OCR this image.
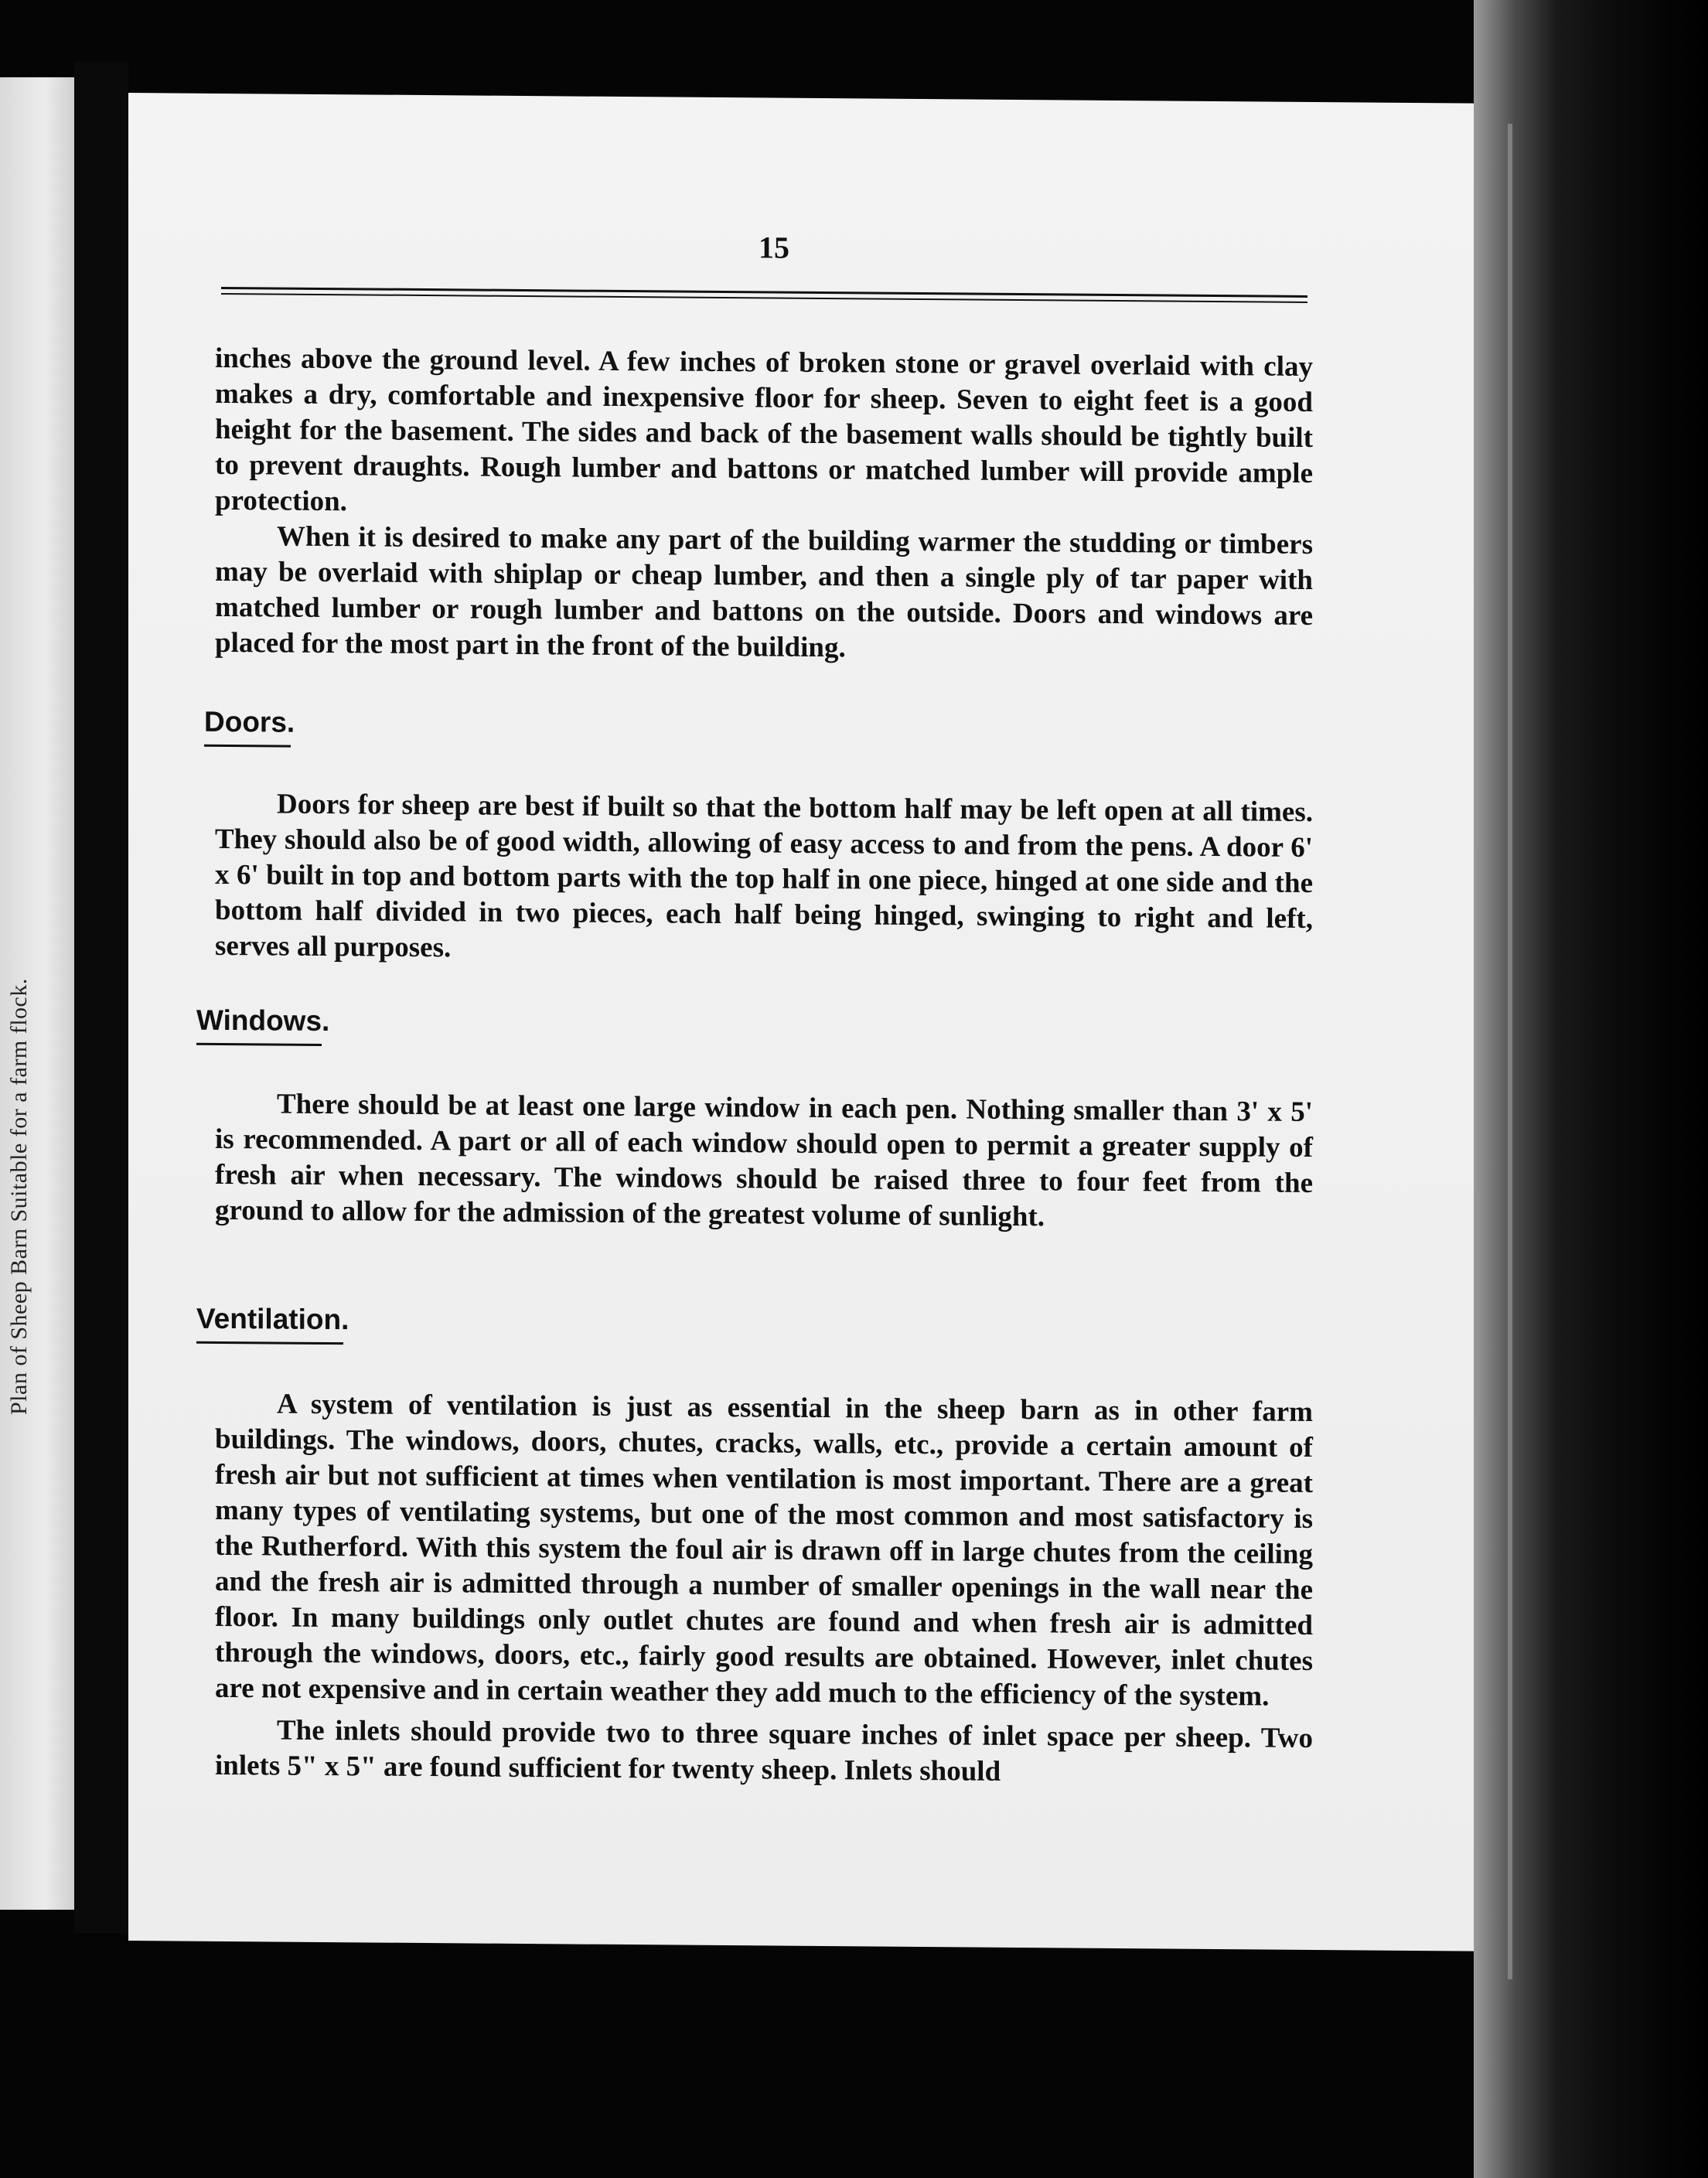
Plan of Sheep Barn Suitable for a farm flock.
15

inches above the ground level. A few inches of broken stone or gravel overlaid with clay makes a dry, comfortable and inexpensive floor for sheep. Seven to eight feet is a good height for the basement. The sides and back of the basement walls should be tightly built to prevent draughts. Rough lumber and battons or matched lumber will provide ample protection.

When it is desired to make any part of the building warmer the studding or timbers may be overlaid with shiplap or cheap lumber, and then a single ply of tar paper with matched lumber or rough lumber and battons on the outside. Doors and windows are placed for the most part in the front of the building.

Doors.

Doors for sheep are best if built so that the bottom half may be left open at all times. They should also be of good width, allowing of easy access to and from the pens. A door 6' x 6' built in top and bottom parts with the top half in one piece, hinged at one side and the bottom half divided in two pieces, each half being hinged, swinging to right and left, serves all purposes.

Windows.

There should be at least one large window in each pen. Nothing smaller than 3' x 5' is recommended. A part or all of each window should open to permit a greater supply of fresh air when necessary. The windows should be raised three to four feet from the ground to allow for the admission of the greatest volume of sunlight.

Ventilation.

A system of ventilation is just as essential in the sheep barn as in other farm buildings. The windows, doors, chutes, cracks, walls, etc., provide a certain amount of fresh air but not sufficient at times when ventilation is most important. There are a great many types of ventilating systems, but one of the most common and most satisfactory is the Rutherford. With this system the foul air is drawn off in large chutes from the ceiling and the fresh air is admitted through a number of smaller openings in the wall near the floor. In many buildings only outlet chutes are found and when fresh air is admitted through the windows, doors, etc., fairly good results are obtained. However, inlet chutes are not expensive and in certain weather they add much to the efficiency of the system.

The inlets should provide two to three square inches of inlet space per sheep. Two inlets 5" x 5" are found sufficient for twenty sheep. Inlets should
